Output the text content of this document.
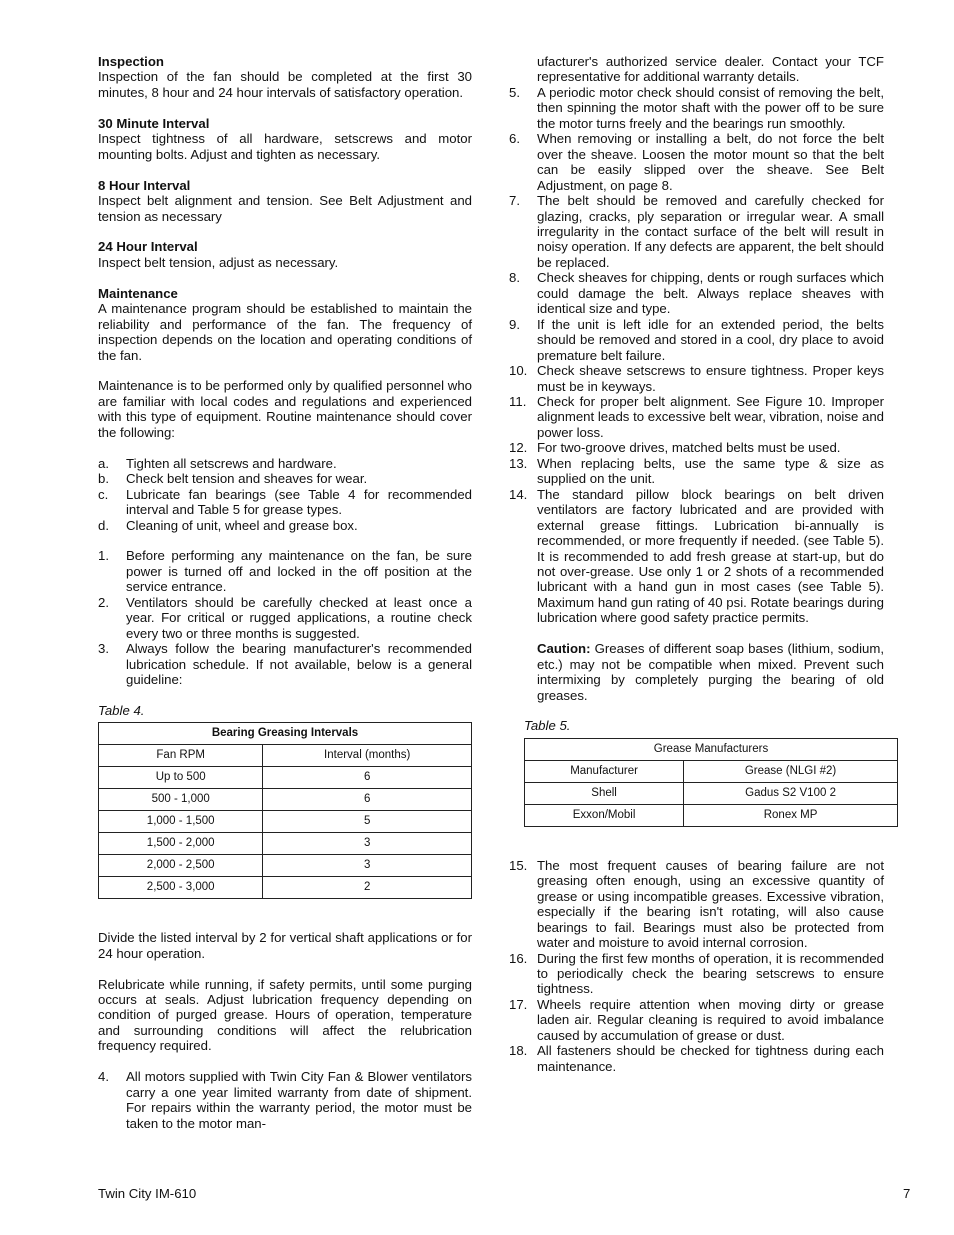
Inspection

Inspection of the fan should be completed at the first 30 minutes, 8 hour and 24 hour intervals of satisfactory operation.

30 Minute Interval

Inspect tightness of all hardware, setscrews and motor mounting bolts. Adjust and tighten as necessary.

8 Hour Interval

Inspect belt alignment and tension. See Belt Adjustment and tension as necessary

24 Hour Interval

Inspect belt tension, adjust as necessary.

Maintenance

A maintenance program should be established to maintain the reliability and performance of the fan. The frequency of inspection depends on the location and operating conditions of the fan.

Maintenance is to be performed only by qualified personnel who are familiar with local codes and regulations and experienced with this type of equipment. Routine maintenance should cover the following:

a. Tighten all setscrews and hardware.
b. Check belt tension and sheaves for wear.
c. Lubricate fan bearings (see Table 4 for recommended interval and Table 5 for grease types.
d. Cleaning of unit, wheel and grease box.
1. Before performing any maintenance on the fan, be sure power is turned off and locked in the off position at the service entrance.
2. Ventilators should be carefully checked at least once a year. For critical or rugged applications, a routine check every two or three months is suggested.
3. Always follow the bearing manufacturer's recommended lubrication schedule. If not available, below is a general guideline:

Table 4.

Bearing Greasing Intervals	
Fan RPM	Interval (months)
Up to 500	6
500 - 1,000	6
1,000 - 1,500	5
1,500 - 2,000	3
2,000 - 2,500	3
2,500 - 3,000	2

Divide the listed interval by 2 for vertical shaft applications or for 24 hour operation.

Relubricate while running, if safety permits, until some purging occurs at seals. Adjust lubrication frequency depending on condition of purged grease. Hours of operation, temperature and surrounding conditions will affect the relubrication frequency required.

4. All motors supplied with Twin City Fan & Blower ventilators carry a one year limited warranty from date of shipment. For repairs within the warranty period, the motor must be taken to the motor man-

ufacturer's authorized service dealer. Contact your TCF representative for additional warranty details.

5. A periodic motor check should consist of removing the belt, then spinning the motor shaft with the power off to be sure the motor turns freely and the bearings run smoothly.
6. When removing or installing a belt, do not force the belt over the sheave. Loosen the motor mount so that the belt can be easily slipped over the sheave. See Belt Adjustment, on page 8.
7. The belt should be removed and carefully checked for glazing, cracks, ply separation or irregular wear. A small irregularity in the contact surface of the belt will result in noisy operation. If any defects are apparent, the belt should be replaced.
8. Check sheaves for chipping, dents or rough surfaces which could damage the belt. Always replace sheaves with identical size and type.
9. If the unit is left idle for an extended period, the belts should be removed and stored in a cool, dry place to avoid premature belt failure.
10. Check sheave setscrews to ensure tightness. Proper keys must be in keyways.
11. Check for proper belt alignment. See Figure 10. Improper alignment leads to excessive belt wear, vibration, noise and power loss.
12. For two-groove drives, matched belts must be used.
13. When replacing belts, use the same type & size as supplied on the unit.
14. The standard pillow block bearings on belt driven ventilators are factory lubricated and are provided with external grease fittings. Lubrication bi-annually is recommended, or more frequently if needed. (see Table 5). It is recommended to add fresh grease at start-up, but do not over-grease. Use only 1 or 2 shots of a recommended lubricant with a hand gun in most cases (see Table 5). Maximum hand gun rating of 40 psi. Rotate bearings during lubrication where good safety practice permits.

Caution: Greases of different soap bases (lithium, sodium, etc.) may not be compatible when mixed. Prevent such intermixing by completely purging the bearing of old greases.

Table 5.

Grease Manufacturers	
Manufacturer	Grease (NLGI #2)
Shell	Gadus S2 V100 2
Exxon/Mobil	Ronex MP
15. The most frequent causes of bearing failure are not greasing often enough, using an excessive quantity of grease or using incompatible greases. Excessive vibration, especially if the bearing isn't rotating, will also cause bearings to fail. Bearings must also be protected from water and moisture to avoid internal corrosion.
16. During the first few months of operation, it is recommended to periodically check the bearing setscrews to ensure tightness.
17. Wheels require attention when moving dirty or grease laden air. Regular cleaning is required to avoid imbalance caused by accumulation of grease or dust.
18. All fasteners should be checked for tightness during each maintenance.
Twin City IM-610	7
